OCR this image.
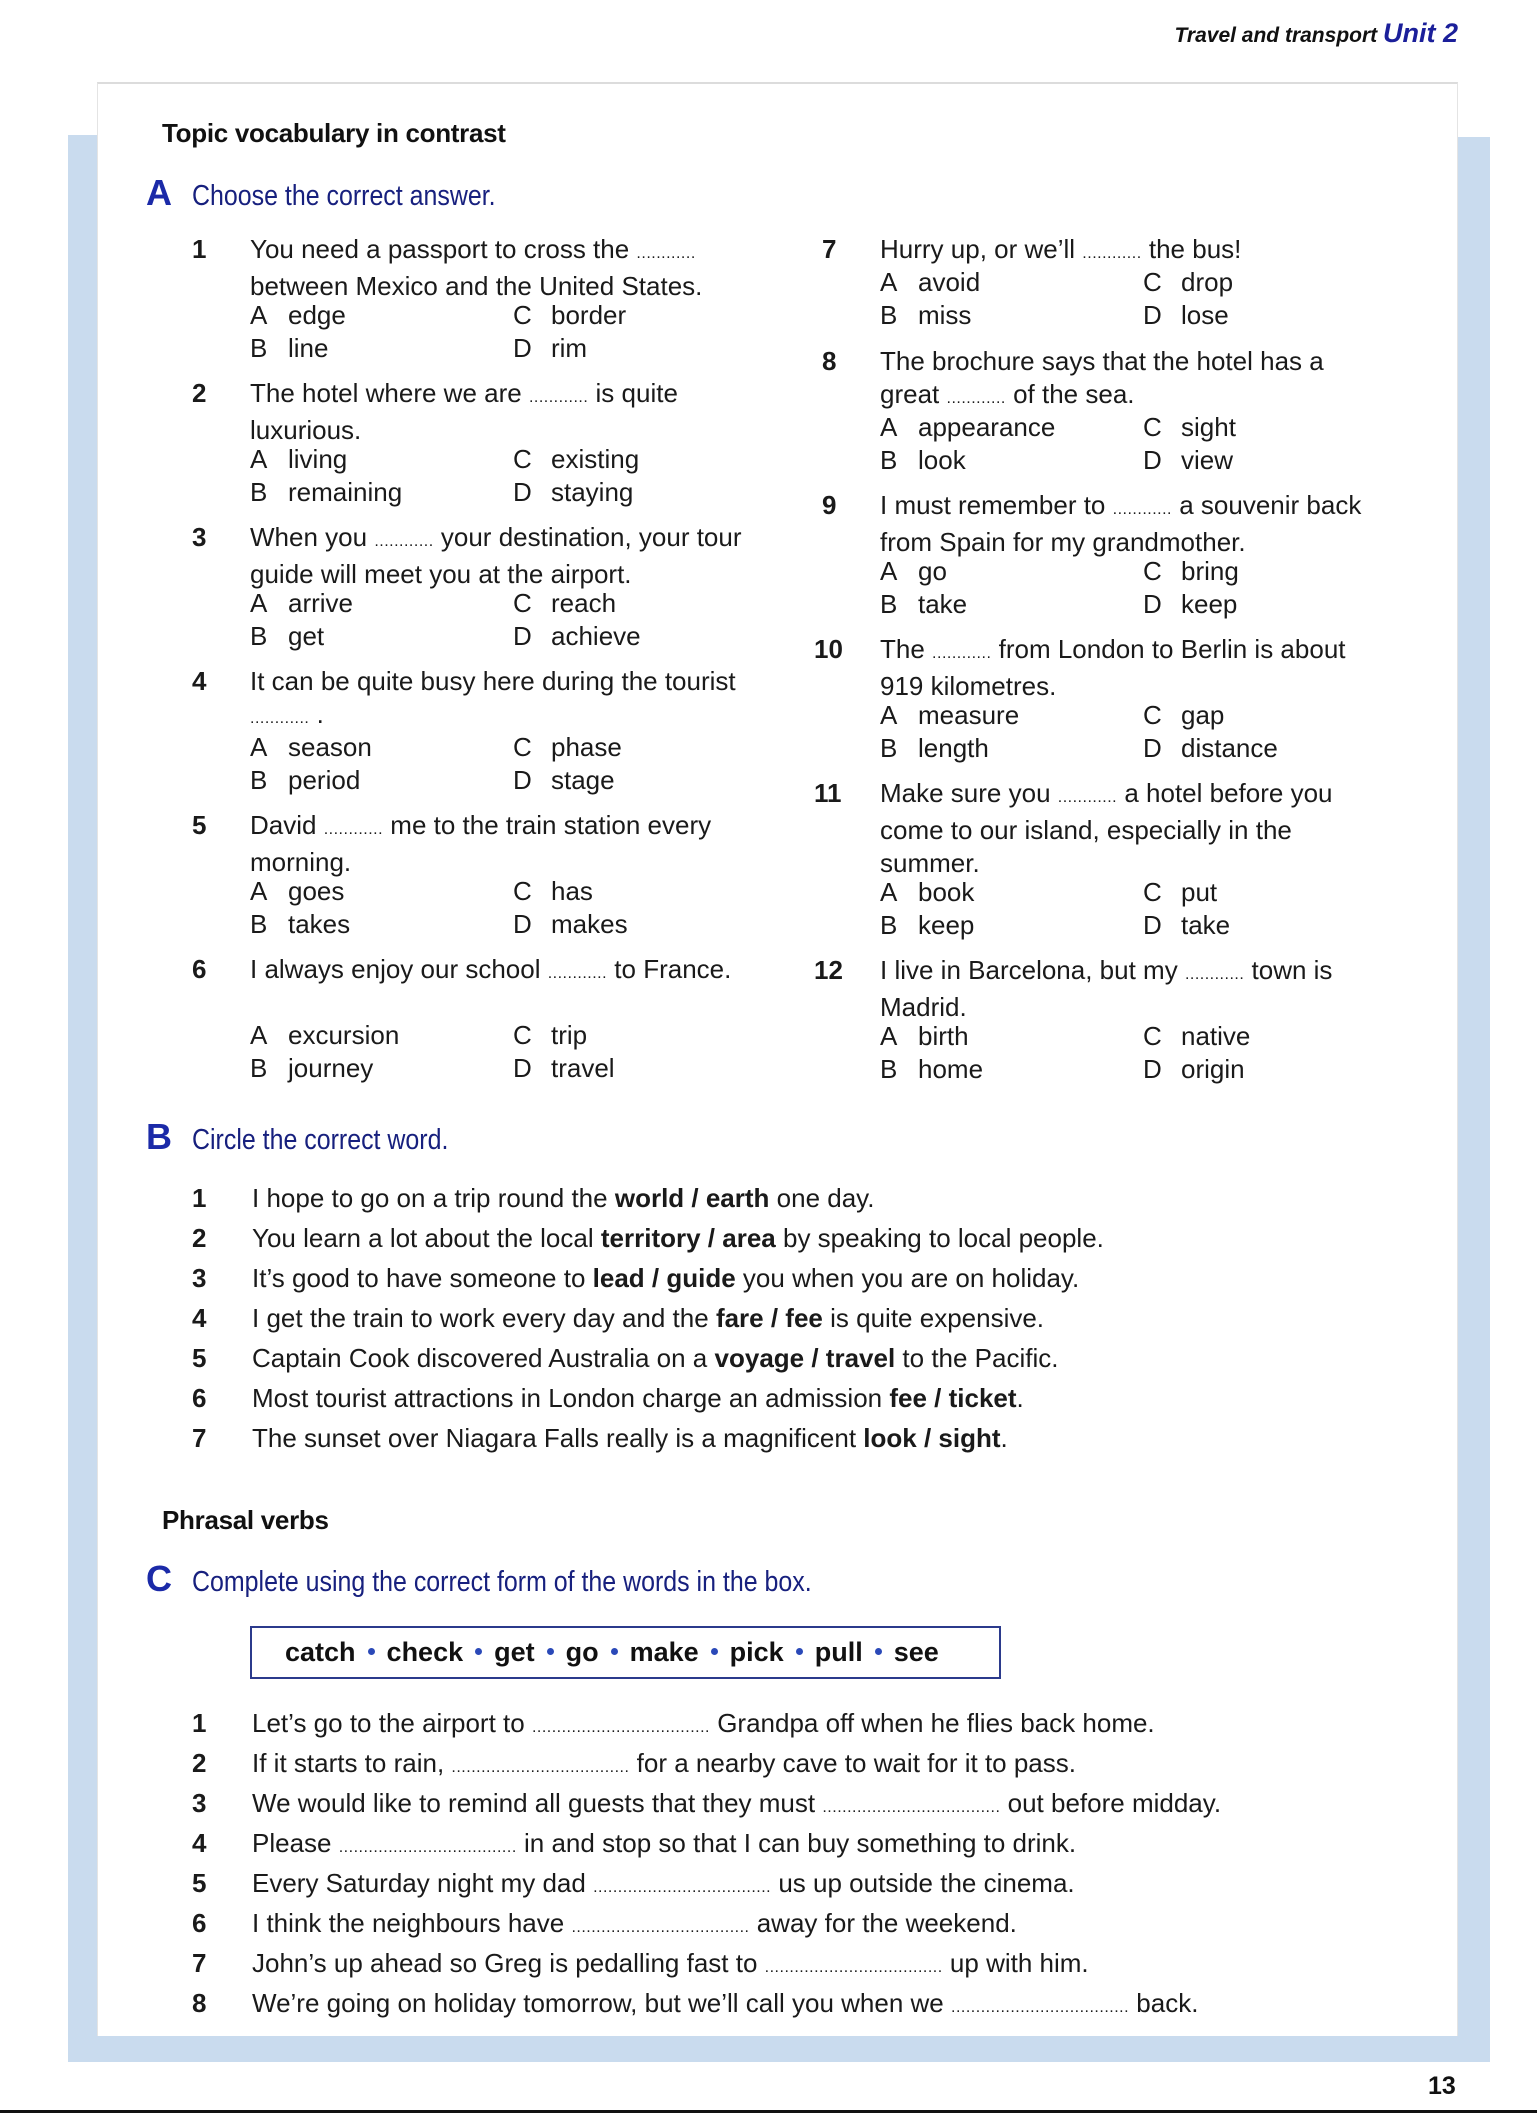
Travel and transport Unit 2
Topic vocabulary in contrast
A Choose the correct answer.
1 You need a passport to cross the ............ between Mexico and the United States.
A edge	C border
B line	D rim
2 The hotel where we are ............ is quite luxurious.
A living	C existing
B remaining	D staying
3 When you ............ your destination, your tour guide will meet you at the airport.
A arrive	C reach
B get	D achieve
4 It can be quite busy here during the tourist ............ .
A season	C phase
B period	D stage
5 David ............ me to the train station every morning.
A goes	C has
B takes	D makes
6 I always enjoy our school ............ to France.
A excursion	C trip
B journey	D travel
7 Hurry up, or we’ll ............ the bus!
A avoid	C drop
B miss	D lose
8 The brochure says that the hotel has a great ............ of the sea.
A appearance	C sight
B look	D view
9 I must remember to ............ a souvenir back from Spain for my grandmother.
A go	C bring
B take	D keep
10 The ............ from London to Berlin is about 919 kilometres.
A measure	C gap
B length	D distance
11 Make sure you ............ a hotel before you come to our island, especially in the summer.
A book	C put
B keep	D take
12 I live in Barcelona, but my ............ town is Madrid.
A birth	C native
B home	D origin
B Circle the correct word.
1 I hope to go on a trip round the world / earth one day.
2 You learn a lot about the local territory / area by speaking to local people.
3 It’s good to have someone to lead / guide you when you are on holiday.
4 I get the train to work every day and the fare / fee is quite expensive.
5 Captain Cook discovered Australia on a voyage / travel to the Pacific.
6 Most tourist attractions in London charge an admission fee / ticket.
7 The sunset over Niagara Falls really is a magnificent look / sight.
Phrasal verbs
C Complete using the correct form of the words in the box.
catch check get go make pick pull see
1 Let’s go to the airport to .................................... Grandpa off when he flies back home.
2 If it starts to rain, .................................... for a nearby cave to wait for it to pass.
3 We would like to remind all guests that they must .................................... out before midday.
4 Please .................................... in and stop so that I can buy something to drink.
5 Every Saturday night my dad .................................... us up outside the cinema.
6 I think the neighbours have .................................... away for the weekend.
7 John’s up ahead so Greg is pedalling fast to .................................... up with him.
8 We’re going on holiday tomorrow, but we’ll call you when we .................................... back.
13
